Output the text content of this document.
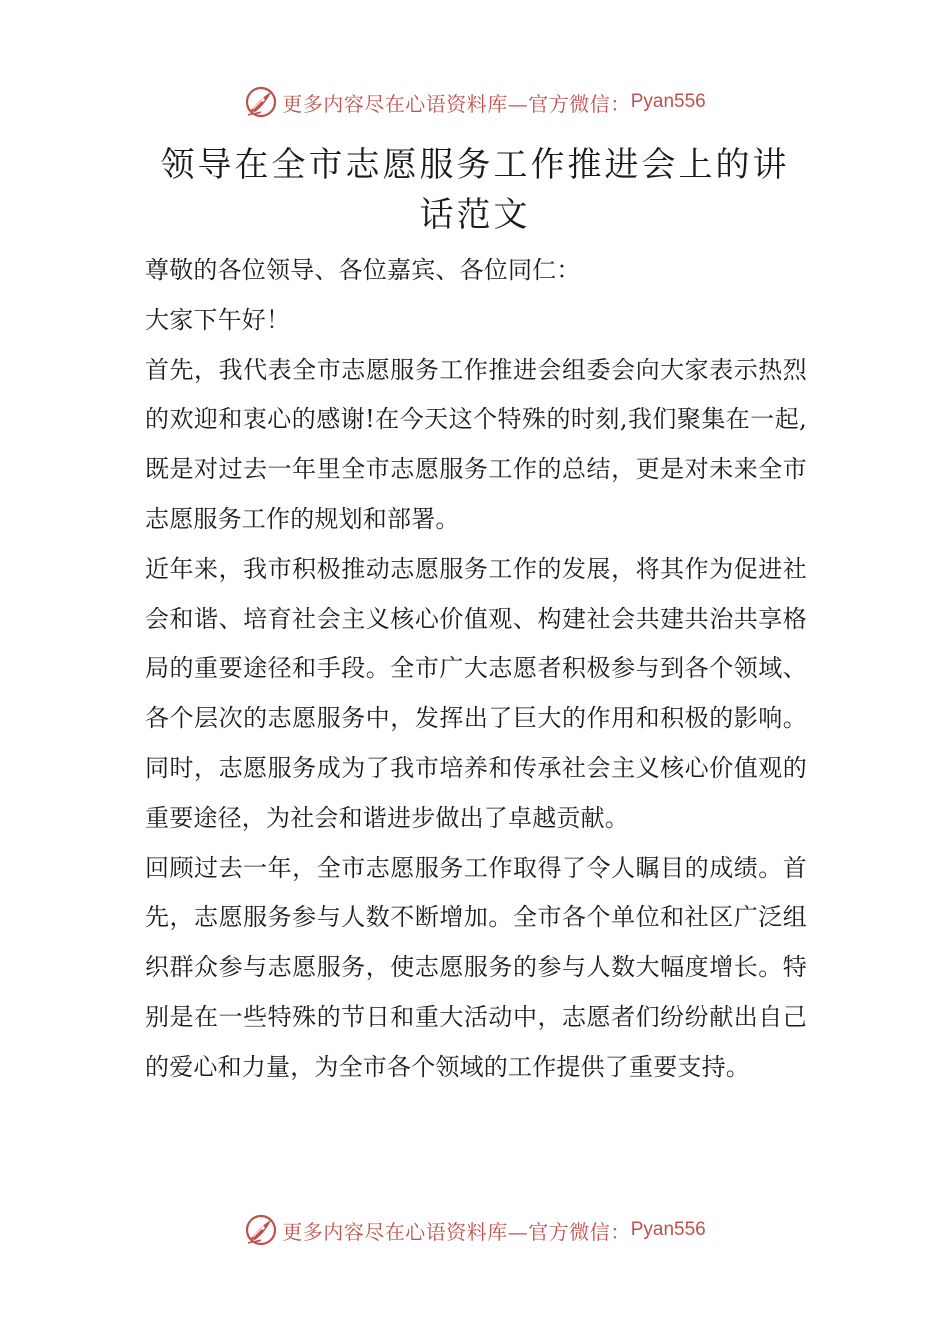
更多内容尽在心语资料库—官方微信： Pyan556
领导在全市志愿服务工作推进会上的讲话范文

尊敬的各位领导、各位嘉宾、各位同仁：

大家下午好！

首先，我代表全市志愿服务工作推进会组委会向大家表示热烈的欢迎和衷心的感谢!在今天这个特殊的时刻,我们聚集在一起,既是对过去一年里全市志愿服务工作的总结，更是对未来全市志愿服务工作的规划和部署。

近年来，我市积极推动志愿服务工作的发展，将其作为促进社会和谐、培育社会主义核心价值观、构建社会共建共治共享格局的重要途径和手段。全市广大志愿者积极参与到各个领域、各个层次的志愿服务中，发挥出了巨大的作用和积极的影响。同时，志愿服务成为了我市培养和传承社会主义核心价值观的重要途径，为社会和谐进步做出了卓越贡献。

回顾过去一年，全市志愿服务工作取得了令人瞩目的成绩。首先，志愿服务参与人数不断增加。全市各个单位和社区广泛组织群众参与志愿服务，使志愿服务的参与人数大幅度增长。特别是在一些特殊的节日和重大活动中，志愿者们纷纷献出自己的爱心和力量，为全市各个领域的工作提供了重要支持。

更多内容尽在心语资料库—官方微信： Pyan556
